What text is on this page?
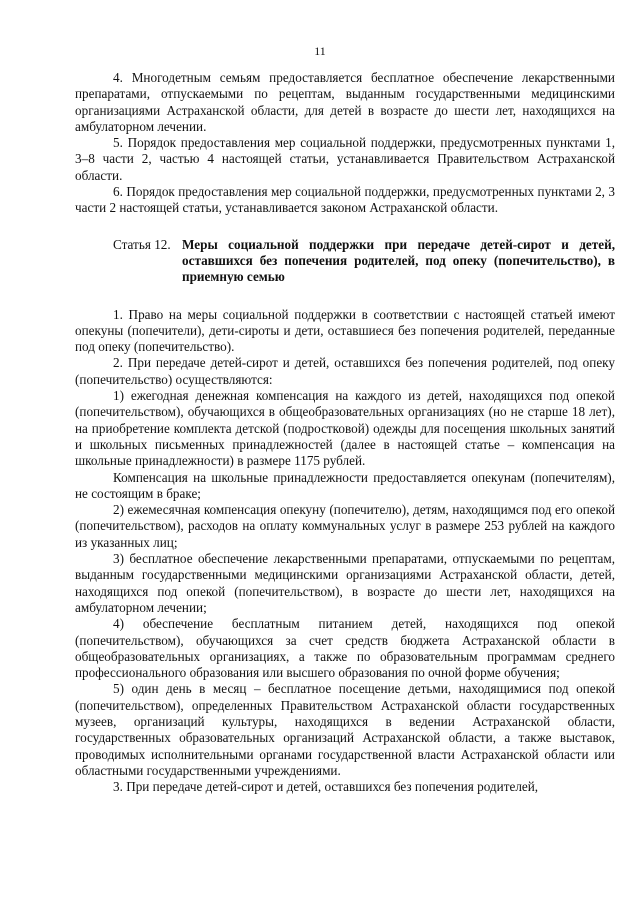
11

4. Многодетным семьям предоставляется бесплатное обеспечение лекарственными препаратами, отпускаемыми по рецептам, выданным государственными медицинскими организациями Астраханской области, для детей в возрасте до шести лет, находящихся на амбулаторном лечении.

5. Порядок предоставления мер социальной поддержки, предусмотренных пунктами 1, 3–8 части 2, частью 4 настоящей статьи, устанавливается Правительством Астраханской области.

6. Порядок предоставления мер социальной поддержки, предусмотренных пунктами 2, 3 части 2 настоящей статьи, устанавливается законом Астраханской области.

Статья 12. Меры социальной поддержки при передаче детей-сирот и детей, оставшихся без попечения родителей, под опеку (попечительство), в приемную семью

1. Право на меры социальной поддержки в соответствии с настоящей статьей имеют опекуны (попечители), дети-сироты и дети, оставшиеся без попечения родителей, переданные под опеку (попечительство).

2. При передаче детей-сирот и детей, оставшихся без попечения родителей, под опеку (попечительство) осуществляются:

1) ежегодная денежная компенсация на каждого из детей, находящихся под опекой (попечительством), обучающихся в общеобразовательных организациях (но не старше 18 лет), на приобретение комплекта детской (подростковой) одежды для посещения школьных занятий и школьных письменных принадлежностей (далее в настоящей статье – компенсация на школьные принадлежности) в размере 1175 рублей.

Компенсация на школьные принадлежности предоставляется опекунам (попечителям), не состоящим в браке;

2) ежемесячная компенсация опекуну (попечителю), детям, находящимся под его опекой (попечительством), расходов на оплату коммунальных услуг в размере 253 рублей на каждого из указанных лиц;

3) бесплатное обеспечение лекарственными препаратами, отпускаемыми по рецептам, выданным государственными медицинскими организациями Астраханской области, детей, находящихся под опекой (попечительством), в возрасте до шести лет, находящихся на амбулаторном лечении;

4) обеспечение бесплатным питанием детей, находящихся под опекой (попечительством), обучающихся за счет средств бюджета Астраханской области в общеобразовательных организациях, а также по образовательным программам среднего профессионального образования или высшего образования по очной форме обучения;

5) один день в месяц – бесплатное посещение детьми, находящимися под опекой (попечительством), определенных Правительством Астраханской области государственных музеев, организаций культуры, находящихся в ведении Астраханской области, государственных образовательных организаций Астраханской области, а также выставок, проводимых исполнительными органами государственной власти Астраханской области или областными государственными учреждениями.

3. При передаче детей-сирот и детей, оставшихся без попечения родителей,
